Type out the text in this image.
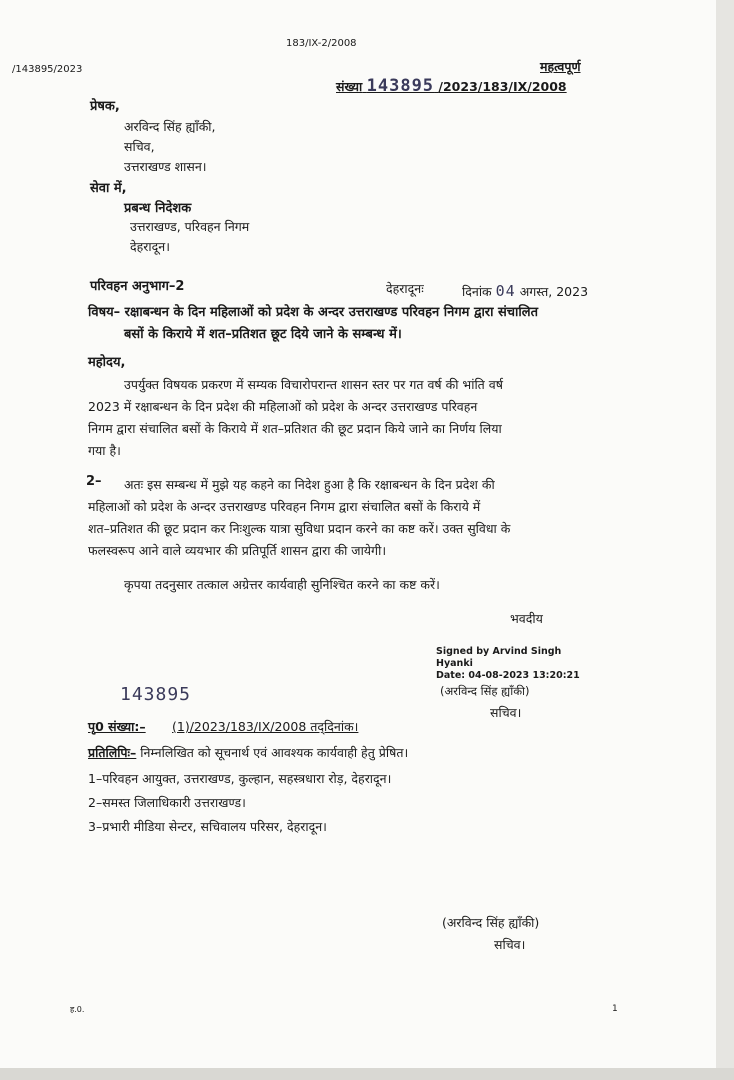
183/IX-2/2008
/143895/2023	महत्वपूर्ण
संख्या 143895 /2023/183/IX/2008
प्रेषक,
अरविन्द सिंह ह्याँकी,
सचिव,
उत्तराखण्ड शासन।
सेवा में,
प्रबन्ध निदेशक
उत्तराखण्ड, परिवहन निगम
देहरादून।
परिवहन अनुभाग–2	देहरादूनः	दिनांक 04 अगस्त, 2023
विषय– रक्षाबन्धन के दिन महिलाओं को प्रदेश के अन्दर उत्तराखण्ड परिवहन निगम द्वारा संचालित
बसों के किराये में शत–प्रतिशत छूट दिये जाने के सम्बन्ध में।
महोदय,
उपर्युक्त विषयक प्रकरण में सम्यक विचारोपरान्त शासन स्तर पर गत वर्ष की भांति वर्ष
2023 में रक्षाबन्धन के दिन प्रदेश की महिलाओं को प्रदेश के अन्दर उत्तराखण्ड परिवहन
निगम द्वारा संचालित बसों के किराये में शत–प्रतिशत की छूट प्रदान किये जाने का निर्णय लिया
गया है।
2– अतः इस सम्बन्ध में मुझे यह कहने का निदेश हुआ है कि रक्षाबन्धन के दिन प्रदेश की
महिलाओं को प्रदेश के अन्दर उत्तराखण्ड परिवहन निगम द्वारा संचालित बसों के किराये में
शत–प्रतिशत की छूट प्रदान कर निःशुल्क यात्रा सुविधा प्रदान करने का कष्ट करें। उक्त सुविधा के
फलस्वरूप आने वाले व्ययभार की प्रतिपूर्ति शासन द्वारा की जायेगी।
कृपया तदनुसार तत्काल अग्रेत्तर कार्यवाही सुनिश्चित करने का कष्ट करें।
भवदीय
Signed by Arvind Singh
Hyanki
Date: 04-08-2023 13:20:21
(अरविन्द सिंह ह्याँकी)
सचिव।
143895
पृ0 संख्या:– (1)/2023/183/IX/2008 तद्‌दिनांक।
प्रतिलिपिः– निम्नलिखित को सूचनार्थ एवं आवश्यक कार्यवाही हेतु प्रेषित।
1–परिवहन आयुक्त, उत्तराखण्ड, कुल्हान, सहस्त्रधारा रोड़, देहरादून।
2–समस्त जिलाधिकारी उत्तराखण्ड।
3–प्रभारी मीडिया सेन्टर, सचिवालय परिसर, देहरादून।
(अरविन्द सिंह ह्याँकी)
सचिव।
ह.0.	1
